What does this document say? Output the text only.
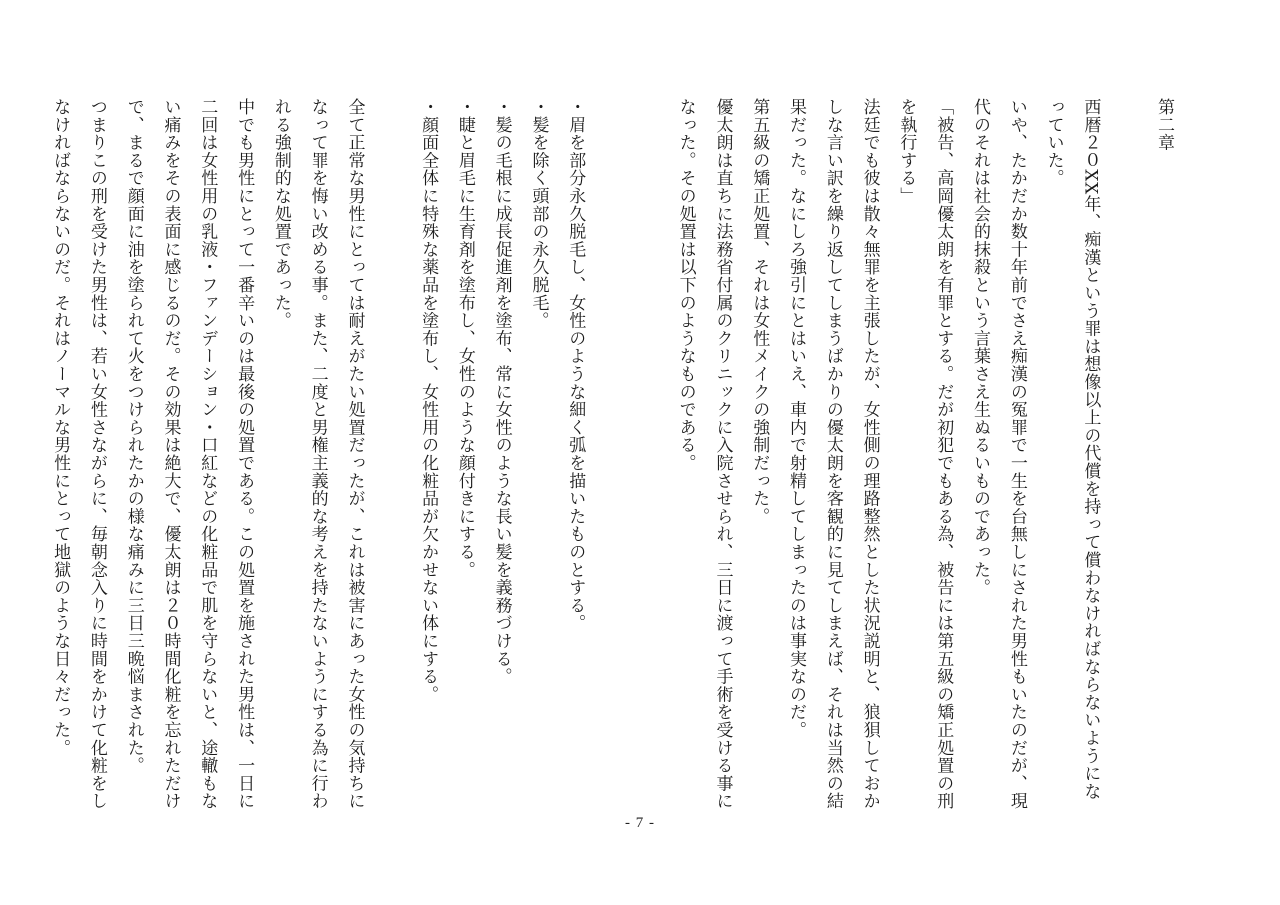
第二章
西暦２０XX年、痴漢という罪は想像以上の代償を持って償わなければならないようにな
っていた。
いや、たかだか数十年前でさえ痴漢の冤罪で一生を台無しにされた男性もいたのだが、現
代のそれは社会的抹殺という言葉さえ生ぬるいものであった。
「被告、高岡優太朗を有罪とする。だが初犯でもある為、被告には第五級の矯正処置の刑
を執行する」
法廷でも彼は散々無罪を主張したが、女性側の理路整然とした状況説明と、狼狽しておか
しな言い訳を繰り返してしまうばかりの優太朗を客観的に見てしまえば、それは当然の結
果だった。なにしろ強引にとはいえ、車内で射精してしまったのは事実なのだ。
第五級の矯正処置、それは女性メイクの強制だった。
優太朗は直ちに法務省付属のクリニックに入院させられ、三日に渡って手術を受ける事に
なった。その処置は以下のようなものである。
・眉を部分永久脱毛し、女性のような細く弧を描いたものとする。
・髪を除く頭部の永久脱毛。
・髪の毛根に成長促進剤を塗布、常に女性のような長い髪を義務づける。
・睫と眉毛に生育剤を塗布し、女性のような顔付きにする。
・顔面全体に特殊な薬品を塗布し、女性用の化粧品が欠かせない体にする。
全て正常な男性にとっては耐えがたい処置だったが、これは被害にあった女性の気持ちに
なって罪を悔い改める事。また、二度と男権主義的な考えを持たないようにする為に行わ
れる強制的な処置であった。
中でも男性にとって一番辛いのは最後の処置である。この処置を施された男性は、一日に
二回は女性用の乳液・ファンデーション・口紅などの化粧品で肌を守らないと、途轍もな
い痛みをその表面に感じるのだ。その効果は絶大で、優太朗は２０時間化粧を忘れただけ
で、まるで顔面に油を塗られて火をつけられたかの様な痛みに三日三晩悩まされた。
つまりこの刑を受けた男性は、若い女性さながらに、毎朝念入りに時間をかけて化粧をし
なければならないのだ。それはノーマルな男性にとって地獄のような日々だった。
- 7 -
